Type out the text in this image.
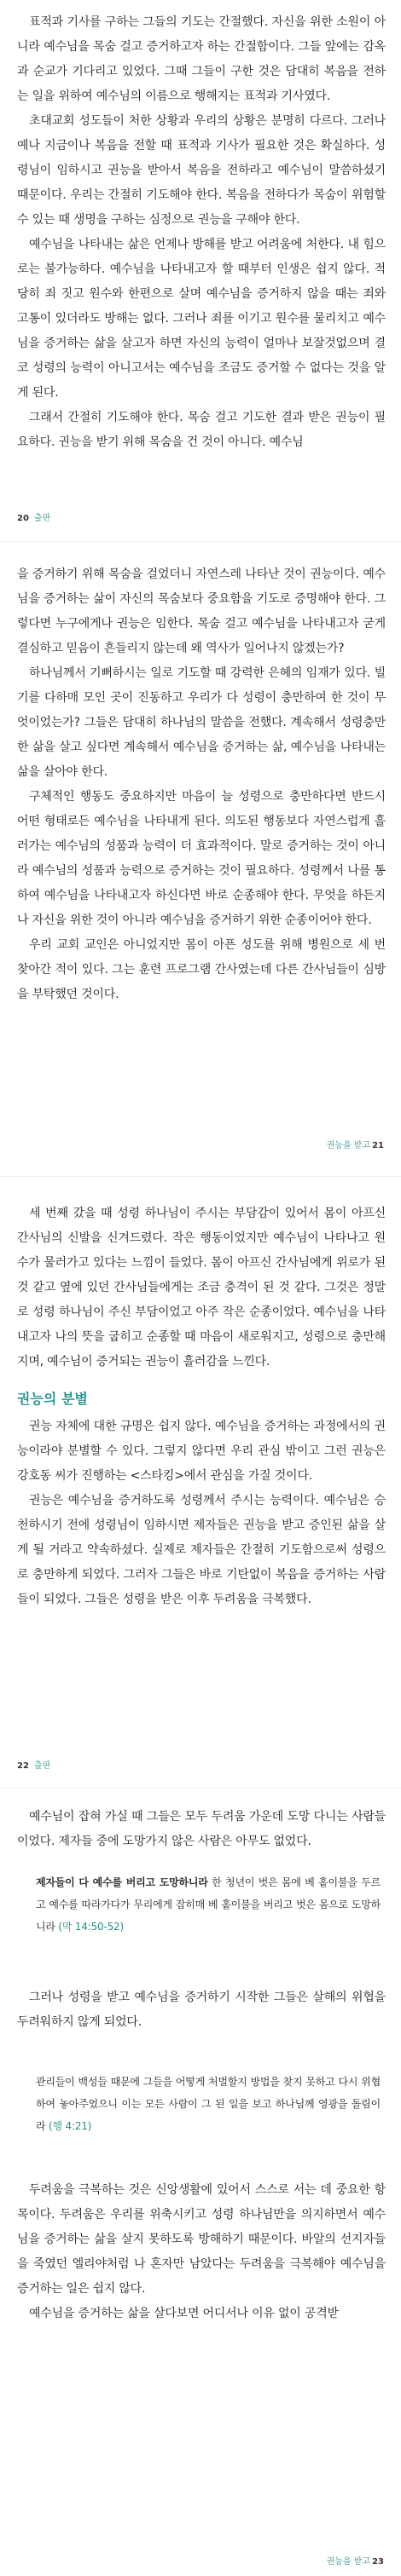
표적과 기사를 구하는 그들의 기도는 간절했다. 자신을 위한 소원이 아니라 예수님을 목숨 걸고 증거하고자 하는 간절함이다. 그들 앞에는 감옥과 순교가 기다리고 있었다. 그때 그들이 구한 것은 담대히 복음을 전하는 일을 위하여 예수님의 이름으로 행해지는 표적과 기사였다.

초대교회 성도들이 처한 상황과 우리의 상황은 분명히 다르다. 그러나 예나 지금이나 복음을 전할 때 표적과 기사가 필요한 것은 확실하다. 성령님이 임하시고 권능을 받아서 복음을 전하라고 예수님이 말씀하셨기 때문이다. 우리는 간절히 기도해야 한다. 복음을 전하다가 목숨이 위험할 수 있는 때 생명을 구하는 심정으로 권능을 구해야 한다.

예수님을 나타내는 삶은 언제나 방해를 받고 어려움에 처한다. 내 힘으로는 불가능하다. 예수님을 나타내고자 할 때부터 인생은 쉽지 않다. 적당히 죄 짓고 원수와 한편으로 살며 예수님을 증거하지 않을 때는 죄와 고통이 있더라도 방해는 없다. 그러나 죄를 이기고 원수를 물리치고 예수님을 증거하는 삶을 살고자 하면 자신의 능력이 얼마나 보잘것없으며 결코 성령의 능력이 아니고서는 예수님을 조금도 증거할 수 없다는 것을 알게 된다.

그래서 간절히 기도해야 한다. 목숨 걸고 기도한 결과 받은 권능이 필요하다. 권능을 받기 위해 목숨을 건 것이 아니다. 예수님

20 출판

을 증거하기 위해 목숨을 걸었더니 자연스레 나타난 것이 권능이다. 예수님을 증거하는 삶이 자신의 목숨보다 중요함을 기도로 증명해야 한다. 그렇다면 누구에게나 권능은 임한다. 목숨 걸고 예수님을 나타내고자 굳게 결심하고 믿음이 흔들리지 않는데 왜 역사가 일어나지 않겠는가?

하나님께서 기뻐하시는 일로 기도할 때 강력한 은혜의 임재가 있다. 빌기를 다하매 모인 곳이 진동하고 우리가 다 성령이 충만하여 한 것이 무엇이었는가? 그들은 담대히 하나님의 말씀을 전했다. 계속해서 성령충만한 삶을 살고 싶다면 계속해서 예수님을 증거하는 삶, 예수님을 나타내는 삶을 살아야 한다.

구체적인 행동도 중요하지만 마음이 늘 성령으로 충만하다면 반드시 어떤 형태로든 예수님을 나타내게 된다. 의도된 행동보다 자연스럽게 흘러가는 예수님의 성품과 능력이 더 효과적이다. 말로 증거하는 것이 아니라 예수님의 성품과 능력으로 증거하는 것이 필요하다. 성령께서 나를 통하여 예수님을 나타내고자 하신다면 바로 순종해야 한다. 무엇을 하든지 나 자신을 위한 것이 아니라 예수님을 증거하기 위한 순종이어야 한다.

우리 교회 교인은 아니었지만 몸이 아픈 성도를 위해 병원으로 세 번 찾아간 적이 있다. 그는 훈련 프로그램 간사였는데 다른 간사님들이 심방을 부탁했던 것이다.

권능을 받고 21

세 번째 갔을 때 성령 하나님이 주시는 부담감이 있어서 몸이 아프신 간사님의 신발을 신겨드렸다. 작은 행동이었지만 예수님이 나타나고 원수가 물러가고 있다는 느낌이 들었다. 몸이 아프신 간사님에게 위로가 된 것 같고 옆에 있던 간사님들에게는 조금 충격이 된 것 같다. 그것은 정말로 성령 하나님이 주신 부담이었고 아주 작은 순종이었다. 예수님을 나타내고자 나의 뜻을 굽히고 순종할 때 마음이 새로워지고, 성령으로 충만해지며, 예수님이 증거되는 권능이 흘러감을 느낀다.

권능의 분별

권능 자체에 대한 규명은 쉽지 않다. 예수님을 증거하는 과정에서의 권능이라야 분별할 수 있다. 그렇지 않다면 우리 관심 밖이고 그런 권능은 강호동 씨가 진행하는 <스타킹>에서 관심을 가질 것이다.

권능은 예수님을 증거하도록 성령께서 주시는 능력이다. 예수님은 승천하시기 전에 성령님이 임하시면 제자들은 권능을 받고 증인된 삶을 살게 될 거라고 약속하셨다. 실제로 제자들은 간절히 기도함으로써 성령으로 충만하게 되었다. 그러자 그들은 바로 기탄없이 복음을 증거하는 사람들이 되었다. 그들은 성령을 받은 이후 두려움을 극복했다.

22 출판

예수님이 잡혀 가실 때 그들은 모두 두려움 가운데 도망 다니는 사람들이었다. 제자들 중에 도망가지 않은 사람은 아무도 없었다.

제자들이 다 예수를 버리고 도망하니라 한 청년이 벗은 몸에 베 홑이불을 두르고 예수를 따라가다가 무리에게 잡히매 베 홑이불을 버리고 벗은 몸으로 도망하니라 (막 14:50-52)

그러나 성령을 받고 예수님을 증거하기 시작한 그들은 살해의 위협을 두려워하지 않게 되었다.

관리들이 백성들 때문에 그들을 어떻게 처벌할지 방법을 찾지 못하고 다시 위협하여 놓아주었으니 이는 모든 사람이 그 된 일을 보고 하나님께 영광을 돌림이라 (행 4:21)

두려움을 극복하는 것은 신앙생활에 있어서 스스로 서는 데 중요한 항목이다. 두려움은 우리를 위축시키고 성령 하나님만을 의지하면서 예수님을 증거하는 삶을 살지 못하도록 방해하기 때문이다. 바알의 선지자들을 죽였던 엘리야처럼 나 혼자만 남았다는 두려움을 극복해야 예수님을 증거하는 일은 쉽지 않다.

예수님을 증거하는 삶을 살다보면 어디서나 이유 없이 공격받

권능을 받고 23
